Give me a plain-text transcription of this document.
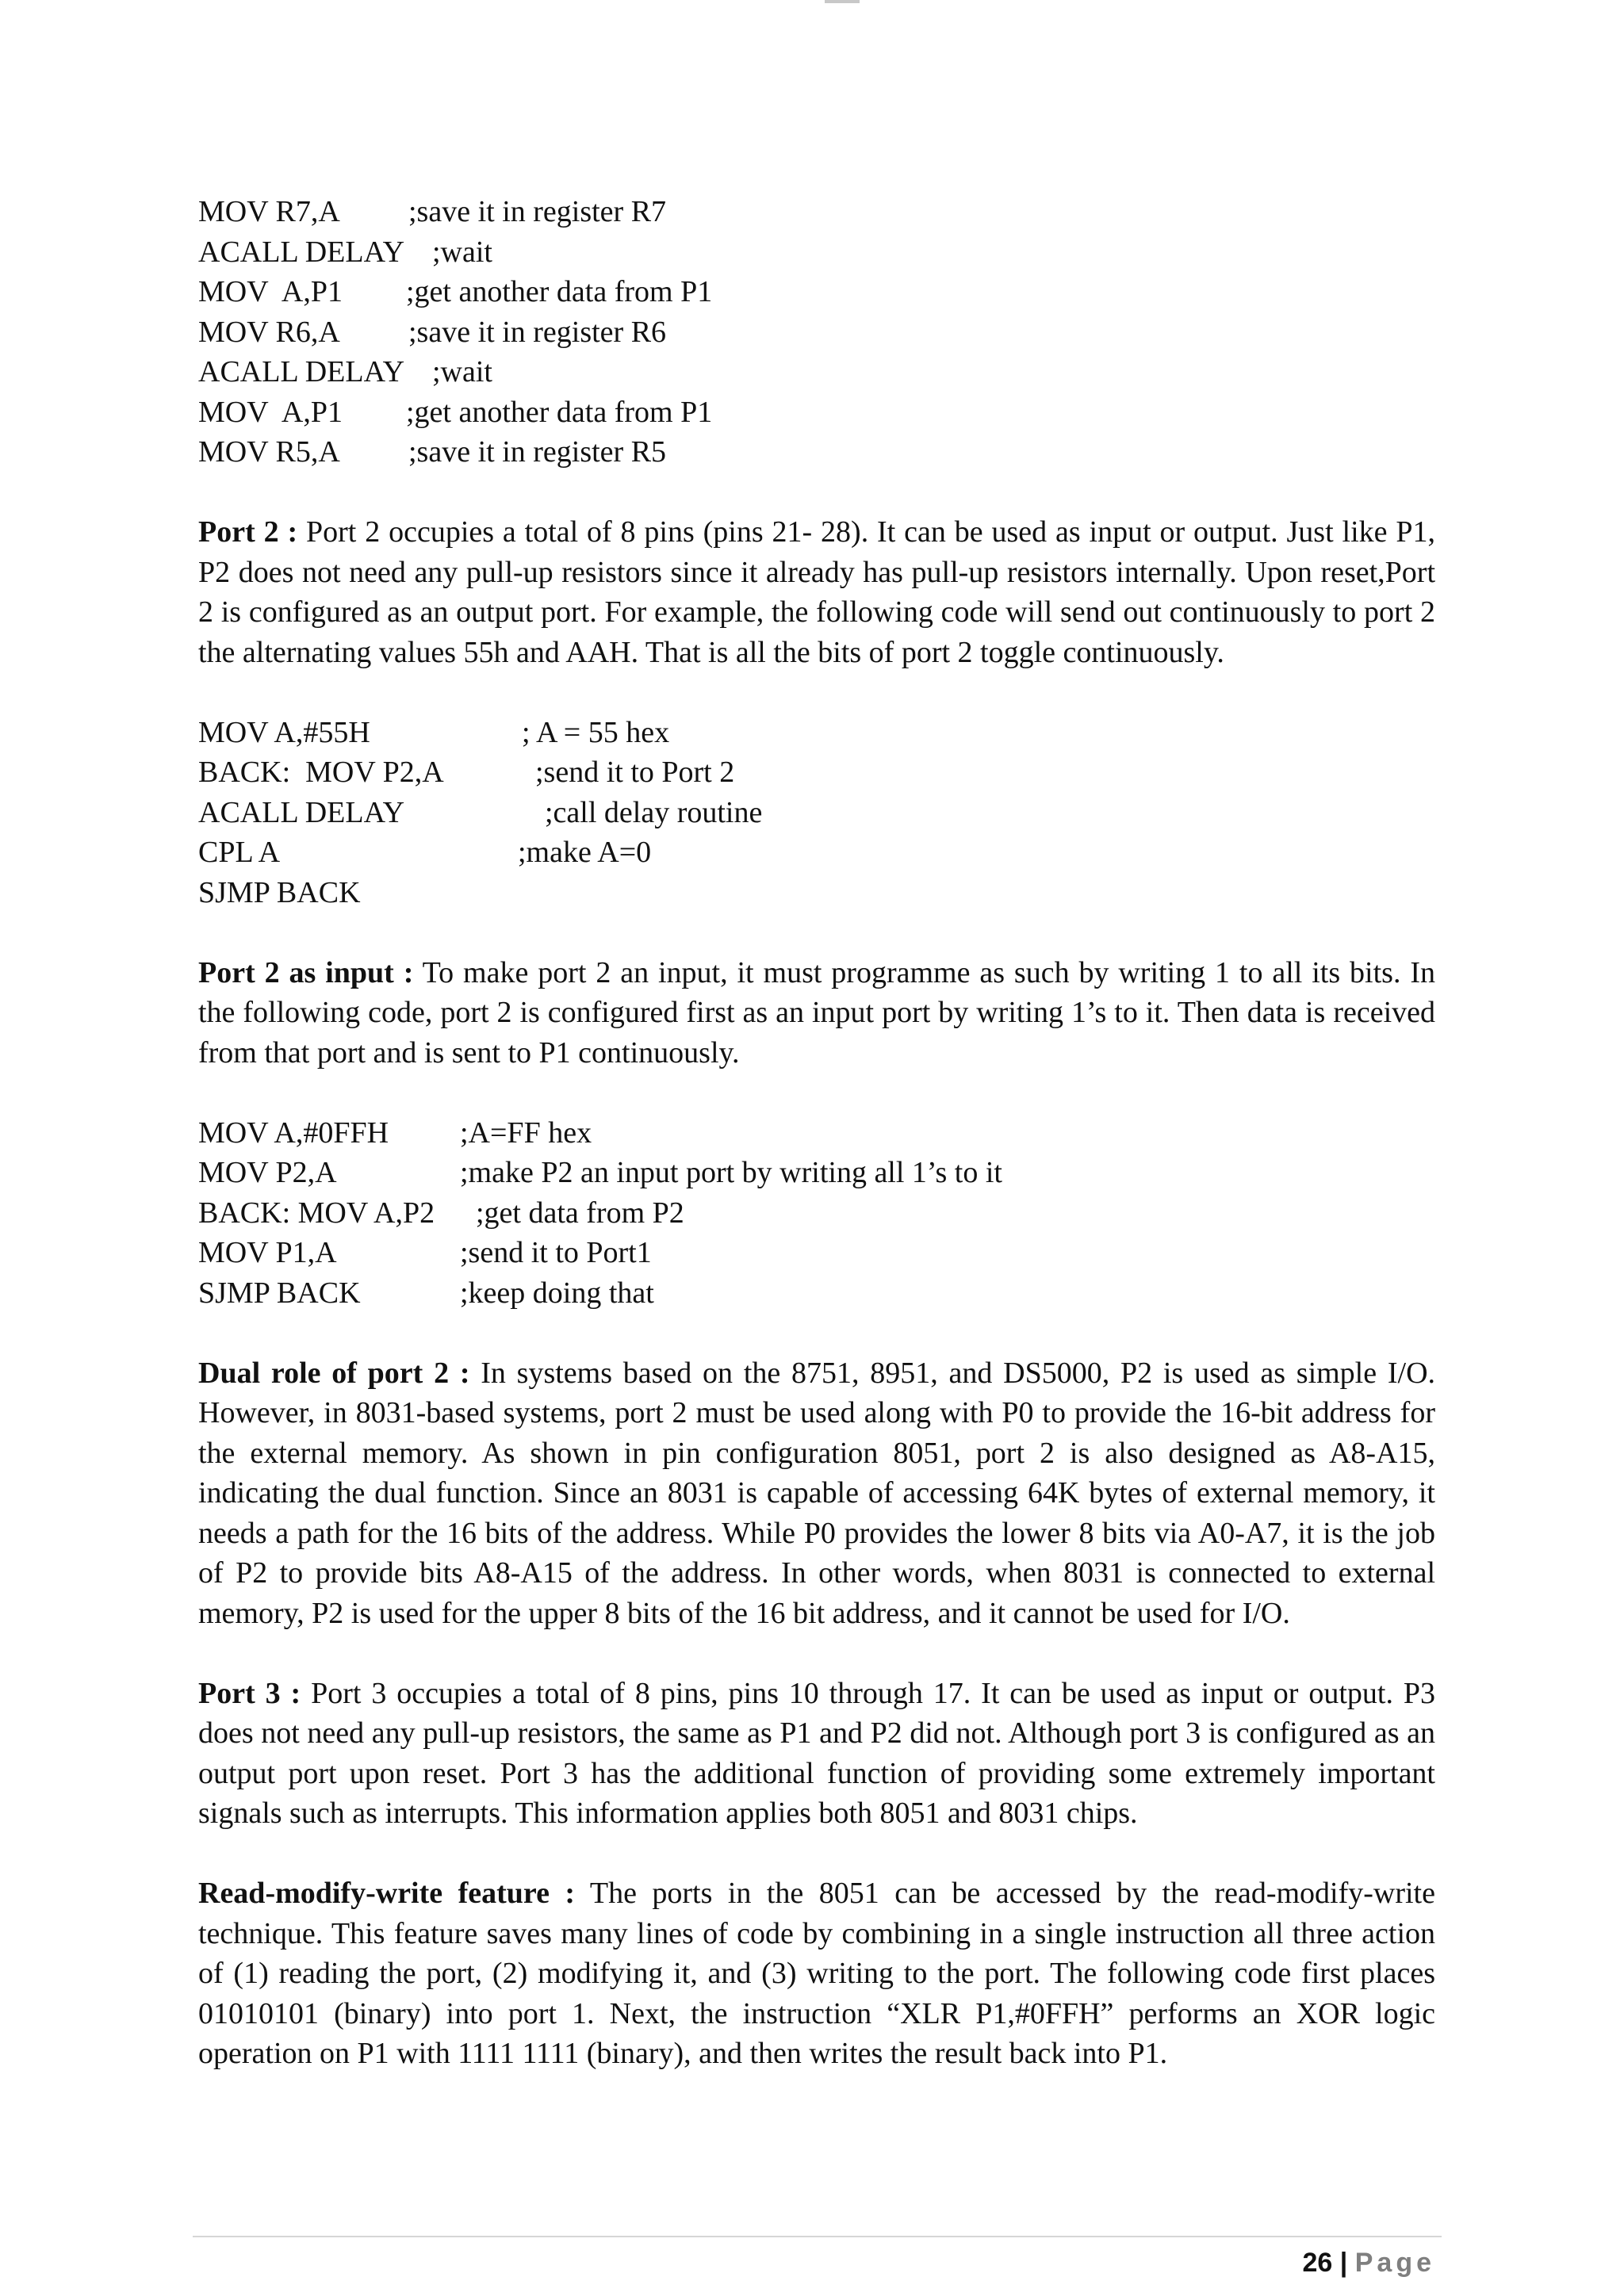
MOV R7,A	;save it in register R7
ACALL DELAY ;wait
MOV  A,P1	;get another data from P1
MOV R6,A	;save it in register R6
ACALL DELAY ;wait
MOV  A,P1	;get another data from P1
MOV R5,A	;save it in register R5

Port 2 : Port 2 occupies a total of 8 pins (pins 21- 28). It can be used as input or output. Just like P1, P2 does not need any pull-up resistors since it already has pull-up resistors internally. Upon reset,Port 2 is configured as an output port. For example, the following code will send out continuously to port 2 the alternating values 55h and AAH. That is all the bits of port 2 toggle continuously.

MOV A,#55H	; A = 55 hex
BACK:  MOV P2,A	;send it to Port 2
ACALL DELAY	;call delay routine
CPL A	;make A=0
SJMP BACK

Port 2 as input : To make port 2 an input, it must programme as such by writing 1 to all its bits. In the following code, port 2 is configured first as an input port by writing 1’s to it. Then data is received from that port and is sent to P1 continuously.

MOV A,#0FFH	;A=FF hex
MOV P2,A	;make P2 an input port by writing all 1’s to it
BACK: MOV A,P2	;get data from P2
MOV P1,A	;send it to Port1
SJMP BACK	;keep doing that

Dual role of port 2 : In systems based on the 8751, 8951, and DS5000, P2 is used as simple I/O. However, in 8031-based systems, port 2 must be used along with P0 to provide the 16-bit address for the external memory. As shown in pin configuration 8051, port 2 is also designed as A8-A15, indicating the dual function. Since an 8031 is capable of accessing 64K bytes of external memory, it needs a path for the 16 bits of the address. While P0 provides the lower 8 bits via A0-A7, it is the job of P2 to provide bits A8-A15 of the address. In other words, when 8031 is connected to external memory, P2 is used for the upper 8 bits of the 16 bit address, and it cannot be used for I/O.

Port 3 : Port 3 occupies a total of 8 pins, pins 10 through 17. It can be used as input or output. P3 does not need any pull-up resistors, the same as P1 and P2 did not. Although port 3 is configured as an output port upon reset. Port 3 has the additional function of providing some extremely important signals such as interrupts. This information applies both 8051 and 8031 chips.

Read-modify-write feature : The ports in the 8051 can be accessed by the read-modify-write technique. This feature saves many lines of code by combining in a single instruction all three action of (1) reading the port, (2) modifying it, and (3) writing to the port. The following code first places 01010101 (binary) into port 1. Next, the instruction “XLR P1,#0FFH” performs an XOR logic operation on P1 with 1111 1111 (binary), and then writes the result back into P1.

26 | Page
